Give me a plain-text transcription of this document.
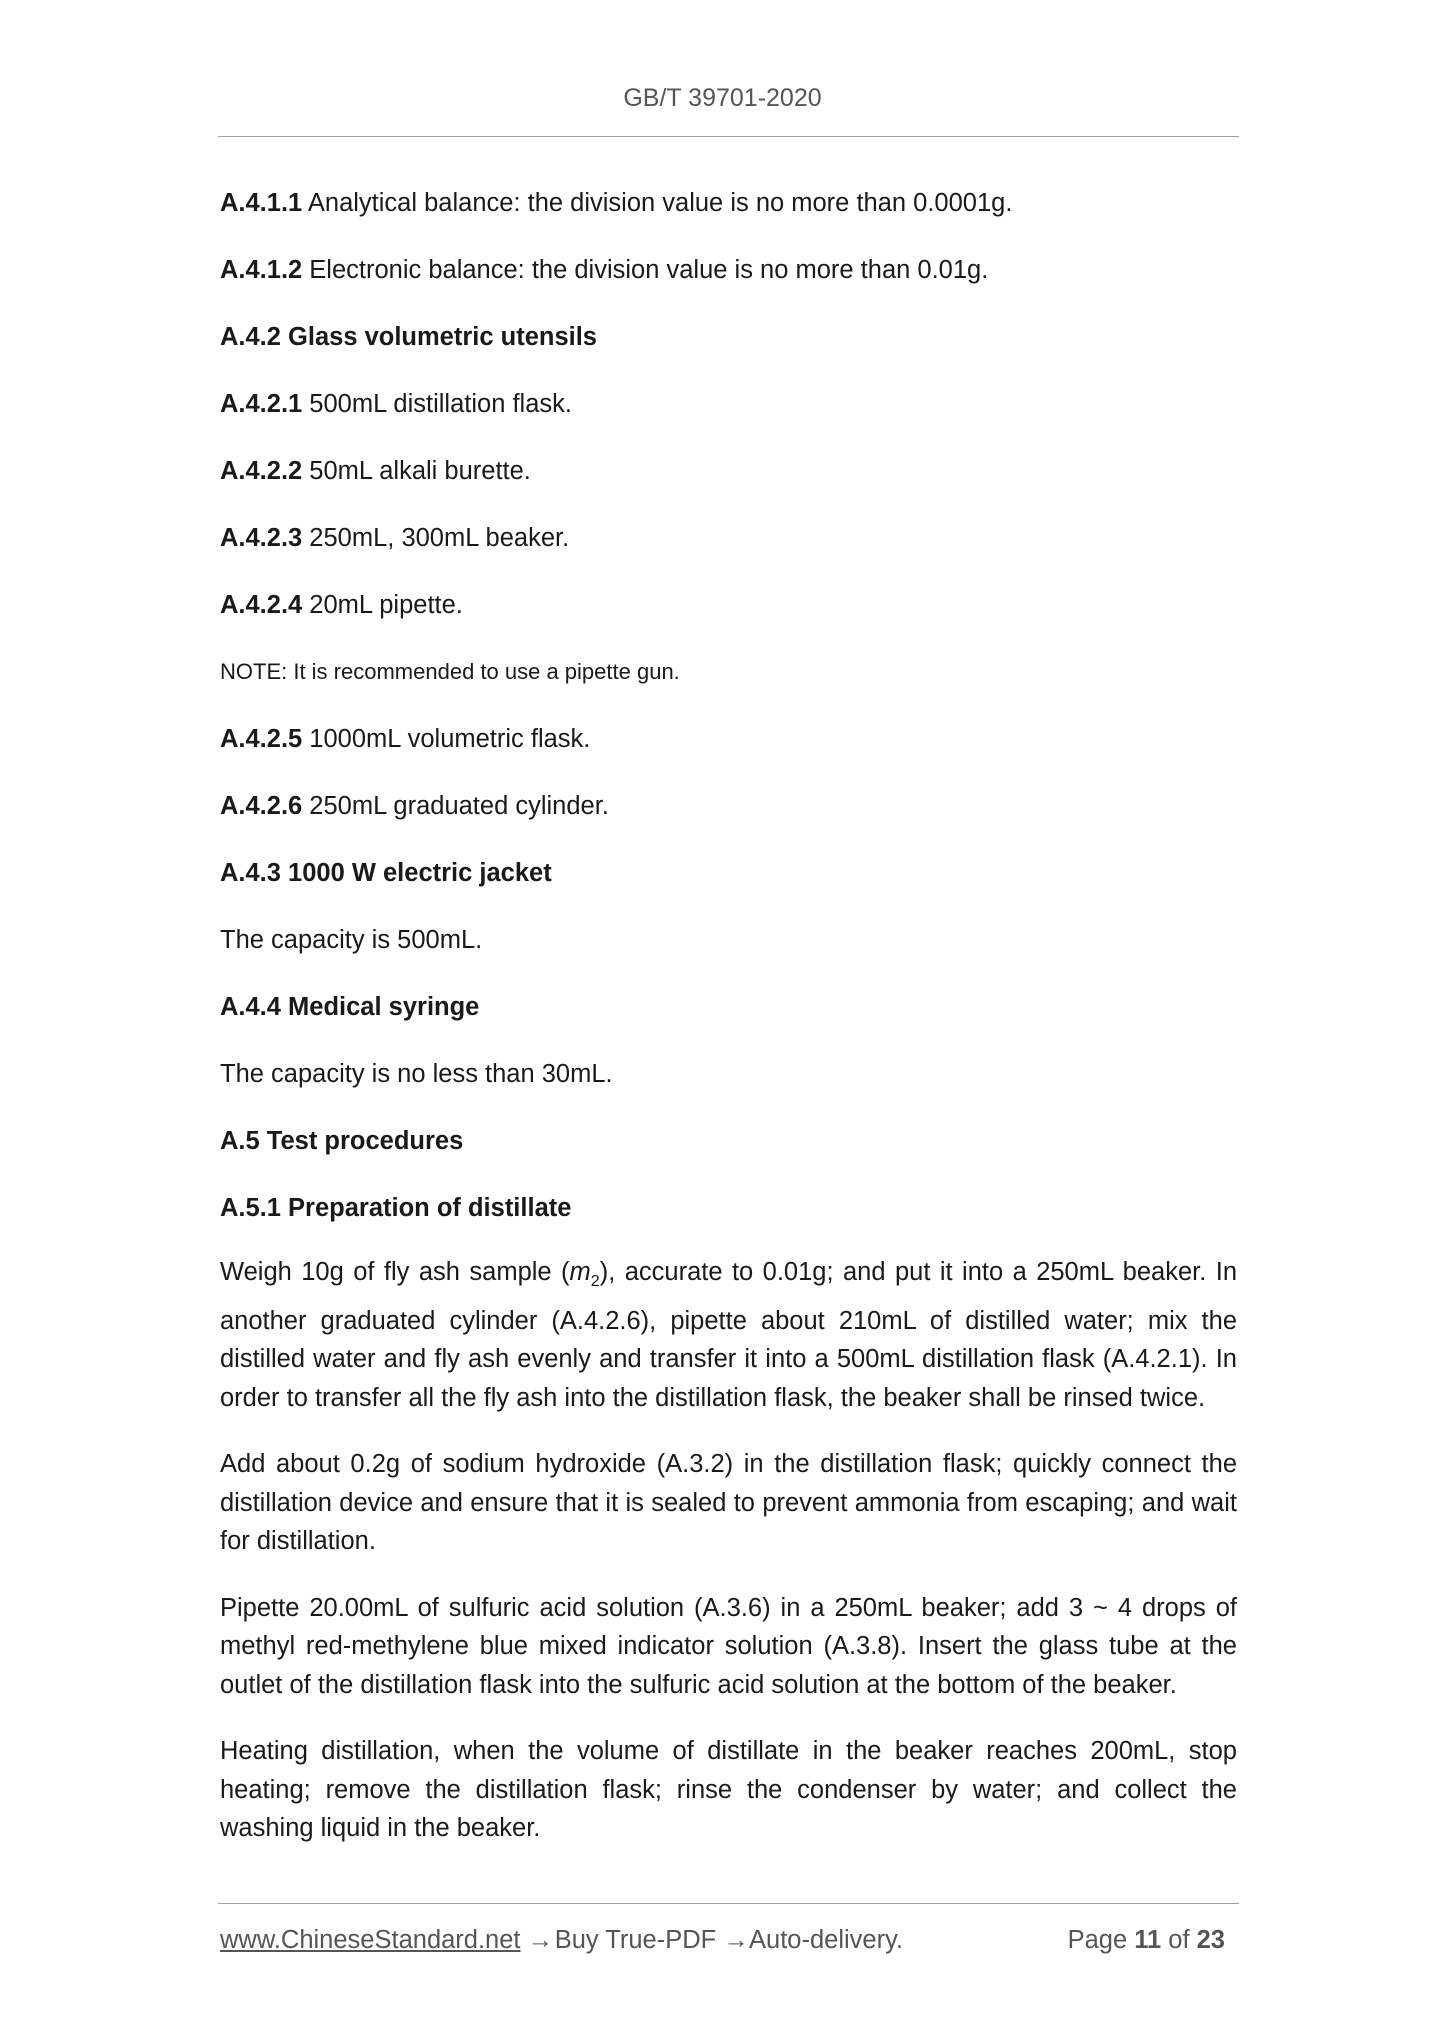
GB/T 39701-2020

A.4.1.1 Analytical balance: the division value is no more than 0.0001g.

A.4.1.2 Electronic balance: the division value is no more than 0.01g.

A.4.2 Glass volumetric utensils

A.4.2.1 500mL distillation flask.

A.4.2.2 50mL alkali burette.

A.4.2.3 250mL, 300mL beaker.

A.4.2.4 20mL pipette.

NOTE: It is recommended to use a pipette gun.

A.4.2.5 1000mL volumetric flask.

A.4.2.6 250mL graduated cylinder.

A.4.3 1000 W electric jacket

The capacity is 500mL.

A.4.4 Medical syringe

The capacity is no less than 30mL.

A.5 Test procedures

A.5.1 Preparation of distillate

Weigh 10g of fly ash sample $(m_2)$, accurate to 0.01g; and put it into a 250mL beaker. In another graduated cylinder (A.4.2.6), pipette about 210mL of distilled water; mix the distilled water and fly ash evenly and transfer it into a 500mL distillation flask (A.4.2.1). In order to transfer all the fly ash into the distillation flask, the beaker shall be rinsed twice.

Add about 0.2g of sodium hydroxide (A.3.2) in the distillation flask; quickly connect the distillation device and ensure that it is sealed to prevent ammonia from escaping; and wait for distillation.

Pipette 20.00mL of sulfuric acid solution (A.3.6) in a 250mL beaker; add 3 ~ 4 drops of methyl red-methylene blue mixed indicator solution (A.3.8). Insert the glass tube at the outlet of the distillation flask into the sulfuric acid solution at the bottom of the beaker.

Heating distillation, when the volume of distillate in the beaker reaches 200mL, stop heating; remove the distillation flask; rinse the condenser by water; and collect the washing liquid in the beaker.

www.ChineseStandard.net → Buy True-PDF → Auto-delivery.	Page 11 of 23
